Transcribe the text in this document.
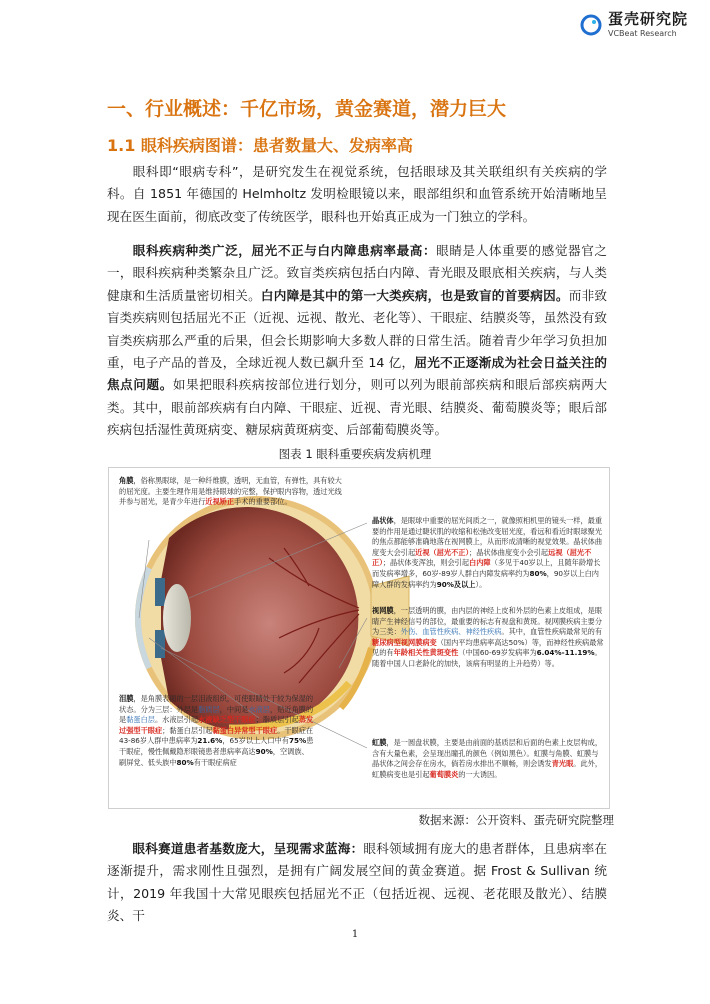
蛋壳研究院
VCBeat Research
一、行业概述：千亿市场，黄金赛道，潜力巨大
1.1 眼科疾病图谱：患者数量大、发病率高

眼科即“眼病专科”，是研究发生在视觉系统，包括眼球及其关联组织有关疾病的学科。自 1851 年德国的 Helmholtz 发明检眼镜以来，眼部组织和血管系统开始清晰地呈现在医生面前，彻底改变了传统医学，眼科也开始真正成为一门独立的学科。

眼科疾病种类广泛，屈光不正与白内障患病率最高：眼睛是人体重要的感觉器官之一，眼科疾病种类繁杂且广泛。致盲类疾病包括白内障、青光眼及眼底相关疾病，与人类健康和生活质量密切相关。白内障是其中的第一大类疾病，也是致盲的首要病因。而非致盲类疾病则包括屈光不正（近视、远视、散光、老化等）、干眼症、结膜炎等，虽然没有致盲类疾病那么严重的后果，但会长期影响大多数人群的日常生活。随着青少年学习负担加重，电子产品的普及，全球近视人数已飙升至 14 亿，屈光不正逐渐成为社会日益关注的焦点问题。如果把眼科疾病按部位进行划分，则可以列为眼前部疾病和眼后部疾病两大类。其中，眼前部疾病有白内障、干眼症、近视、青光眼、结膜炎、葡萄膜炎等；眼后部疾病包括湿性黄斑病变、糖尿病黄斑病变、后部葡萄膜炎等。

图表 1 眼科重要疾病发病机理

角膜，俗称黑眼球，是一种纤维膜，透明，无血管，有弹性，具有较大的屈光度。主要生理作用是维持眼球的完整，保护眼内容物，透过光线并参与屈光，是青少年进行近视矫正手术的重要部位。

晶状体，是眼球中重要的屈光间质之一，就像照相机里的镜头一样，最重要的作用是通过睫状肌的收缩和松弛改变屈光度，看远和看近时眼球聚光的焦点都能够准确地落在视网膜上，从而形成清晰的视觉效果。晶状体曲度变大会引起近视（屈光不正）；晶状体曲度变小会引起远视（屈光不正）；晶状体变浑浊，则会引起白内障（多见于40岁以上，且随年龄增长而发病率增多，60岁-89岁人群白内障发病率约为80%，90岁以上白内障人群的发病率约为90%及以上）。

视网膜，一层透明的膜，由内层的神经上皮和外层的色素上皮组成，是眼睛产生神经信号的部位，最重要的标志有视盘和黄斑。视网膜疾病主要分为三类：外伤、血管性疾病、神经性疾病。其中，血管性疾病最常见的有糖尿病型视网膜病变（国内平均患病率高达50%）等，而神经性疾病最常见的有年龄相关性黄斑变性（中国60-69岁发病率为6.04%-11.19%。随着中国人口老龄化的加快，该病有明显的上升趋势）等。

泪膜，是角膜表面的一层泪液组织，可使眼睛处于较为保湿的状态。分为三层：外层是脂质层，中间是水液层，贴近角膜的是黏蛋白层。水液层引起水液缺乏型干眼症；脂质层引起蒸发过强型干眼症；黏蛋白层引起黏蛋白异常型干眼症。干眼症在43-86岁人群中患病率为21.6%，65岁以上人口中有75%患干眼症，慢性佩戴隐形眼镜患者患病率高达90%，空调族、刷屏党、低头族中80%有干眼症病症

虹膜，是一圆盘状膜，主要是由前面的基质层和后面的色素上皮层构成，含有大量色素，会呈现出瞳孔的颜色（例如黑色）。虹膜与角膜、虹膜与晶状体之间会存在房水，倘若房水排出不顺畅，则会诱发青光眼。此外，虹膜病变也是引起葡萄膜炎的一大诱因。

数据来源：公开资料、蛋壳研究院整理

眼科赛道患者基数庞大，呈现需求蓝海：眼科领域拥有庞大的患者群体，且患病率在逐渐提升，需求刚性且强烈，是拥有广阔发展空间的黄金赛道。据 Frost & Sullivan 统计，2019 年我国十大常见眼疾包括屈光不正（包括近视、远视、老花眼及散光）、结膜炎、干

1
